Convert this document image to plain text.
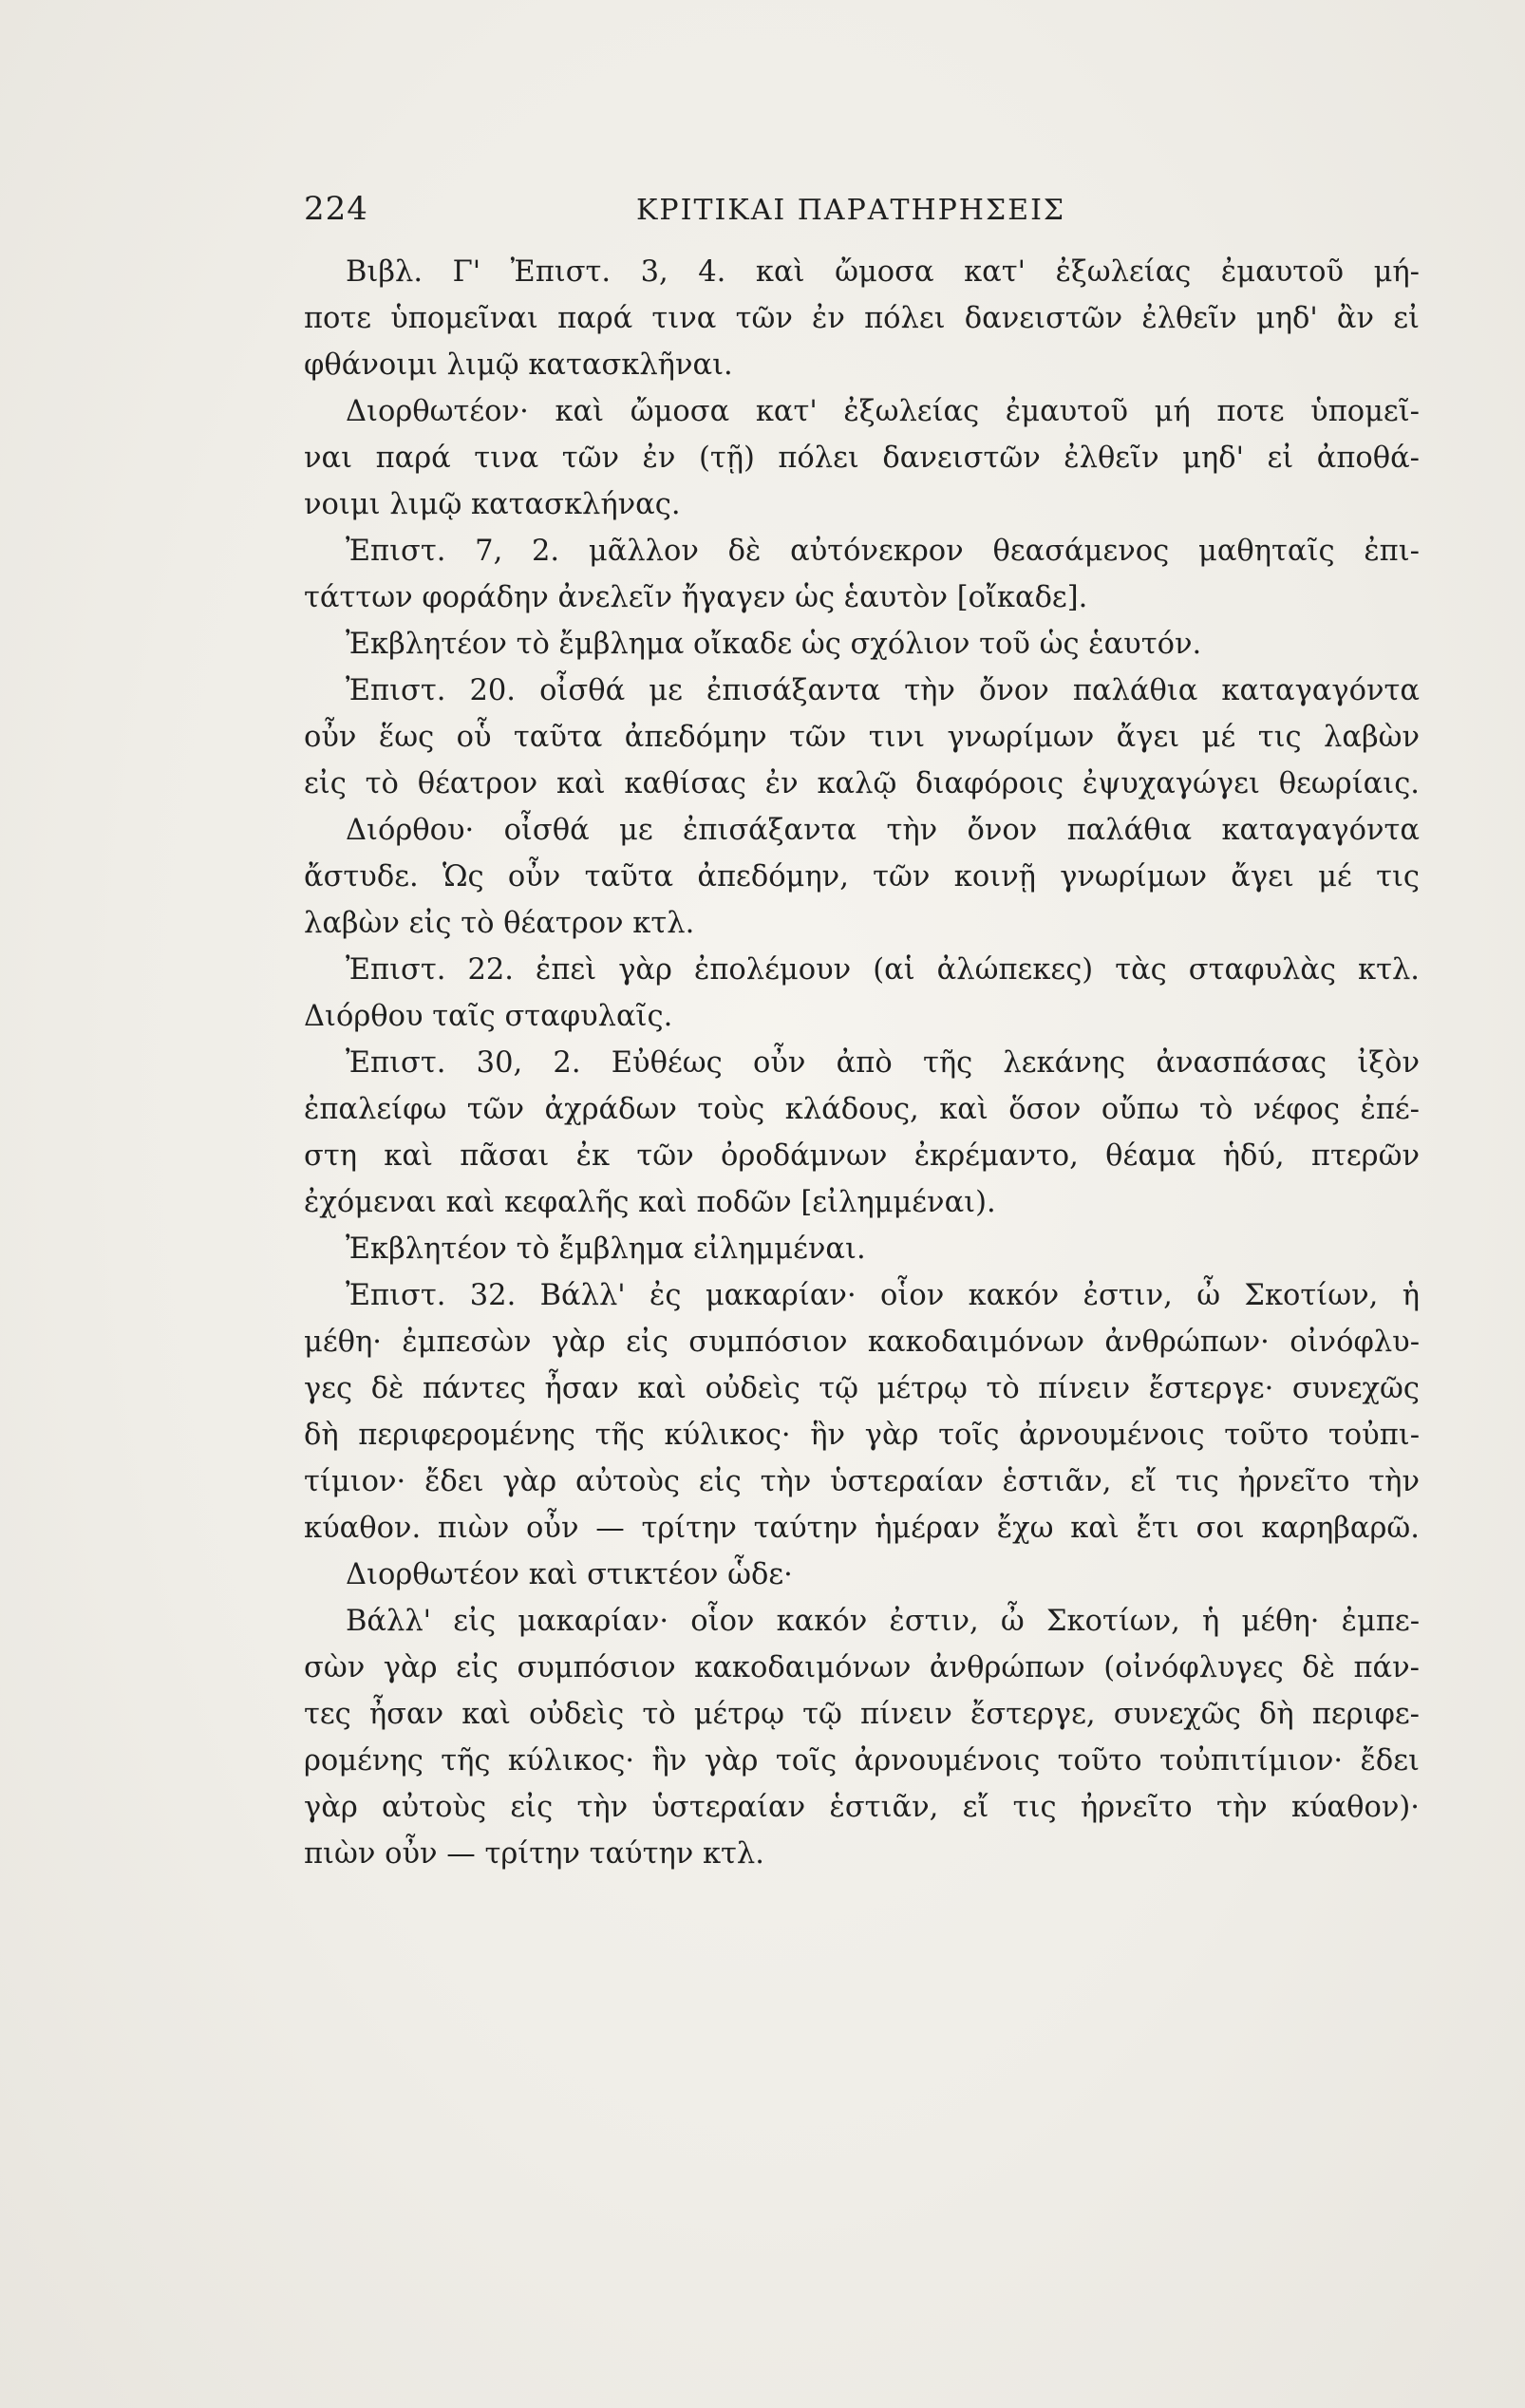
224	ΚΡΙΤΙΚΑΙ ΠΑΡΑΤΗΡΗΣΕΙΣ
Βιβλ. Γ' Ἐπιστ. 3, 4. καὶ ὤμοσα κατ' ἐξωλείας ἐμαυτοῦ μή-
ποτε ὑπομεῖναι παρά τινα τῶν ἐν πόλει δανειστῶν ἐλθεῖν μηδ' ἂν εἰ
φθάνοιμι λιμῷ κατασκλῆναι.
Διορθωτέον· καὶ ὤμοσα κατ' ἐξωλείας ἐμαυτοῦ μή ποτε ὑπομεῖ-
ναι παρά τινα τῶν ἐν (τῇ) πόλει δανειστῶν ἐλθεῖν μηδ' εἰ ἀποθά-
νοιμι λιμῷ κατασκλήνας.
Ἐπιστ. 7, 2. μᾶλλον δὲ αὐτόνεκρον θεασάμενος μαθηταῖς ἐπι-
τάττων φοράδην ἀνελεῖν ἤγαγεν ὡς ἑαυτὸν [οἴκαδε].
Ἐκβλητέον τὸ ἔμβλημα οἴκαδε ὡς σχόλιον τοῦ ὡς ἑαυτόν.
Ἐπιστ. 20. οἶσθά με ἐπισάξαντα τὴν ὄνον παλάθια καταγαγόντα
οὖν ἕως οὗ ταῦτα ἀπεδόμην τῶν τινι γνωρίμων ἄγει μέ τις λαβὼν
εἰς τὸ θέατρον καὶ καθίσας ἐν καλῷ διαφόροις ἐψυχαγώγει θεωρίαις.
Διόρθου· οἶσθά με ἐπισάξαντα τὴν ὄνον παλάθια καταγαγόντα
ἄστυδε. Ὡς οὖν ταῦτα ἀπεδόμην, τῶν κοινῇ γνωρίμων ἄγει μέ τις
λαβὼν εἰς τὸ θέατρον κτλ.
Ἐπιστ. 22. ἐπεὶ γὰρ ἐπολέμουν (αἱ ἀλώπεκες) τὰς σταφυλὰς κτλ.
Διόρθου ταῖς σταφυλαῖς.
Ἐπιστ. 30, 2. Εὐθέως οὖν ἀπὸ τῆς λεκάνης ἀνασπάσας ἰξὸν
ἐπαλείφω τῶν ἀχράδων τοὺς κλάδους, καὶ ὅσον οὔπω τὸ νέφος ἐπέ-
στη καὶ πᾶσαι ἐκ τῶν ὀροδάμνων ἐκρέμαντο, θέαμα ἡδύ, πτερῶν
ἐχόμεναι καὶ κεφαλῆς καὶ ποδῶν [εἰλημμέναι).
Ἐκβλητέον τὸ ἔμβλημα εἰλημμέναι.
Ἐπιστ. 32. Βάλλ' ἐς μακαρίαν· οἷον κακόν ἐστιν, ὦ Σκοτίων, ἡ
μέθη· ἐμπεσὼν γὰρ εἰς συμπόσιον κακοδαιμόνων ἀνθρώπων· οἰνόφλυ-
γες δὲ πάντες ἦσαν καὶ οὐδεὶς τῷ μέτρῳ τὸ πίνειν ἔστεργε· συνεχῶς
δὴ περιφερομένης τῆς κύλικος· ἣν γὰρ τοῖς ἀρνουμένοις τοῦτο τοὐπι-
τίμιον· ἔδει γὰρ αὐτοὺς εἰς τὴν ὑστεραίαν ἑστιᾶν, εἴ τις ἠρνεῖτο τὴν
κύαθον. πιὼν οὖν — τρίτην ταύτην ἡμέραν ἔχω καὶ ἔτι σοι καρηβαρῶ.
Διορθωτέον καὶ στικτέον ὧδε·
Βάλλ' εἰς μακαρίαν· οἷον κακόν ἐστιν, ὦ Σκοτίων, ἡ μέθη· ἐμπε-
σὼν γὰρ εἰς συμπόσιον κακοδαιμόνων ἀνθρώπων (οἰνόφλυγες δὲ πάν-
τες ἦσαν καὶ οὐδεὶς τὸ μέτρῳ τῷ πίνειν ἔστεργε, συνεχῶς δὴ περιφε-
ρομένης τῆς κύλικος· ἣν γὰρ τοῖς ἀρνουμένοις τοῦτο τοὐπιτίμιον· ἔδει
γὰρ αὐτοὺς εἰς τὴν ὑστεραίαν ἑστιᾶν, εἴ τις ἠρνεῖτο τὴν κύαθον)·
πιὼν οὖν — τρίτην ταύτην κτλ.
